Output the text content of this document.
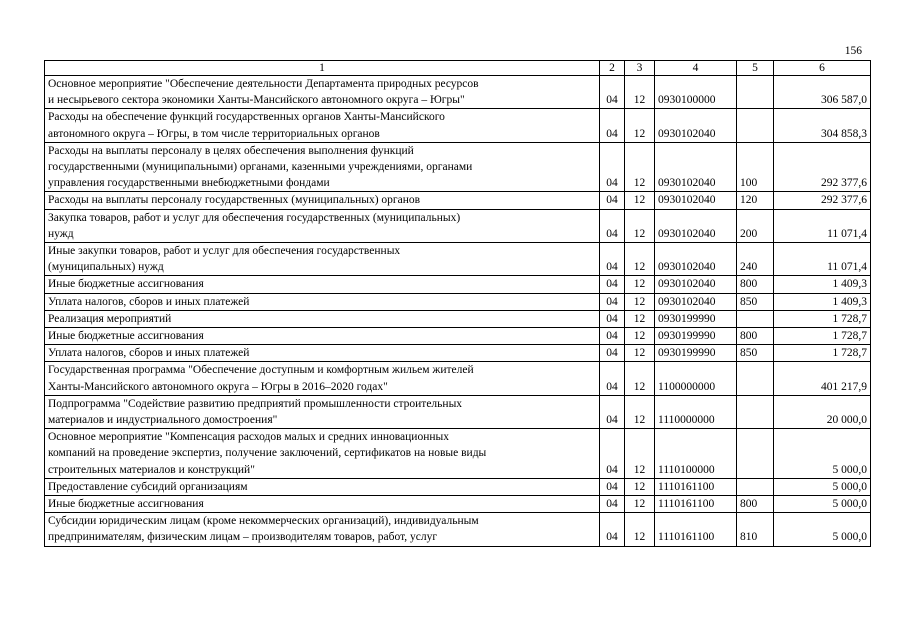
156
1	2	3	4	5	6

Основное мероприятие "Обеспечение деятельности Департамента природных ресурсов
и несырьевого сектора экономики Ханты-Мансийского автономного округа – Югры"	04	12	0930100000		306 587,0

Расходы на обеспечение функций государственных органов Ханты-Мансийского
автономного округа – Югры, в том числе территориальных органов	04	12	0930102040		304 858,3

Расходы на выплаты персоналу в целях обеспечения выполнения функций
государственными (муниципальными) органами, казенными учреждениями, органами
управления государственными внебюджетными фондами	04	12	0930102040	100	292 377,6

Расходы на выплаты персоналу государственных (муниципальных) органов	04	12	0930102040	120	292 377,6

Закупка товаров, работ и услуг для обеспечения государственных (муниципальных)
нужд	04	12	0930102040	200	11 071,4

Иные закупки товаров, работ и услуг для обеспечения государственных
(муниципальных) нужд	04	12	0930102040	240	11 071,4

Иные бюджетные ассигнования	04	12	0930102040	800	1 409,3

Уплата налогов, сборов и иных платежей	04	12	0930102040	850	1 409,3

Реализация мероприятий	04	12	0930199990		1 728,7

Иные бюджетные ассигнования	04	12	0930199990	800	1 728,7

Уплата налогов, сборов и иных платежей	04	12	0930199990	850	1 728,7

Государственная программа "Обеспечение доступным и комфортным жильем жителей
Ханты-Мансийского автономного округа – Югры в 2016–2020 годах"	04	12	1100000000		401 217,9

Подпрограмма "Содействие развитию предприятий промышленности строительных
материалов и индустриального домостроения"	04	12	1110000000		20 000,0

Основное мероприятие "Компенсация расходов малых и средних инновационных
компаний на проведение экспертиз, получение заключений, сертификатов на новые виды
строительных материалов и конструкций"	04	12	1110100000		5 000,0

Предоставление субсидий организациям	04	12	1110161100		5 000,0

Иные бюджетные ассигнования	04	12	1110161100	800	5 000,0

Субсидии юридическим лицам (кроме некоммерческих организаций), индивидуальным
предпринимателям, физическим лицам – производителям товаров, работ, услуг	04	12	1110161100	810	5 000,0
